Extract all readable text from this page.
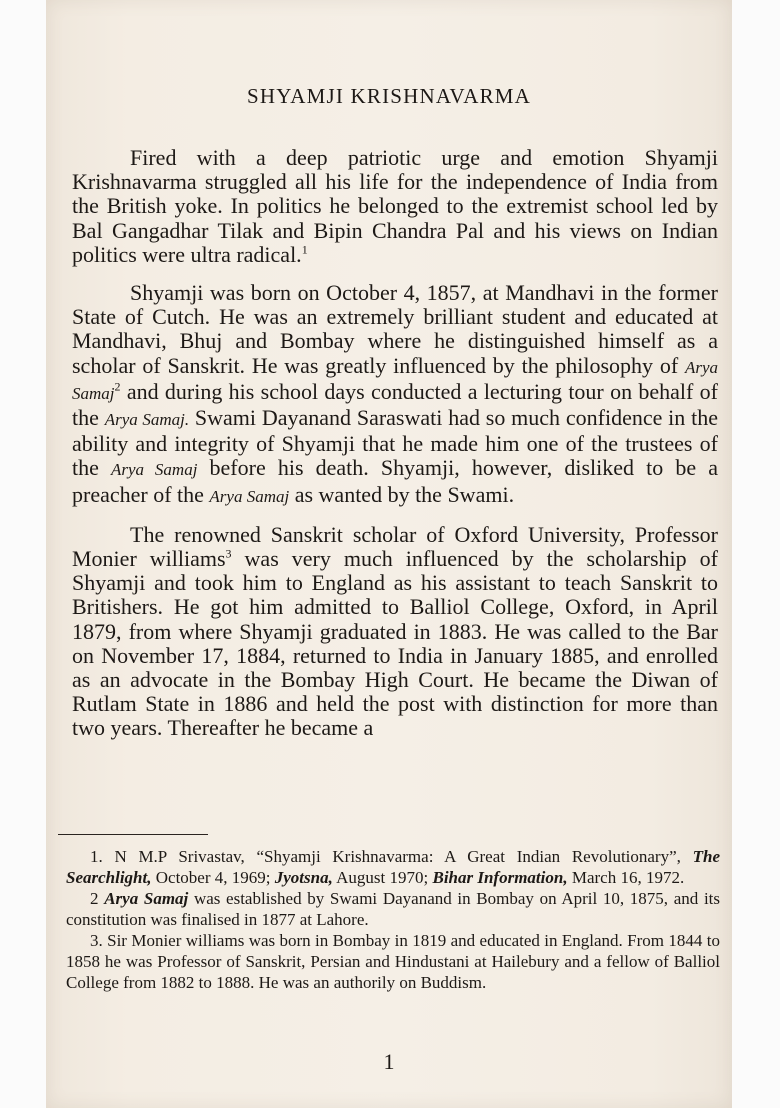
SHYAMJI KRISHNAVARMA

Fired with a deep patriotic urge and emotion Shyamji Krishnavarma struggled all his life for the independence of India from the British yoke. In politics he belonged to the extremist school led by Bal Gangadhar Tilak and Bipin Chandra Pal and his views on Indian politics were ultra radical.$^1$

Shyamji was born on October 4, 1857, at Mandhavi in the former State of Cutch. He was an extremely brilliant student and educated at Mandhavi, Bhuj and Bombay where he distinguished himself as a scholar of Sanskrit. He was greatly influenced by the philosophy of Arya Samaj$^2$ and during his school days conducted a lecturing tour on behalf of the Arya Samaj. Swami Dayanand Saraswati had so much confidence in the ability and integrity of Shyamji that he made him one of the trustees of the Arya Samaj before his death. Shyamji, however, disliked to be a preacher of the Arya Samaj as wanted by the Swami.

The renowned Sanskrit scholar of Oxford University, Professor Monier williams$^3$ was very much influenced by the scholarship of Shyamji and took him to England as his assistant to teach Sanskrit to Britishers. He got him admitted to Balliol College, Oxford, in April 1879, from where Shyamji graduated in 1883. He was called to the Bar on November 17, 1884, returned to India in January 1885, and enrolled as an advocate in the Bombay High Court. He became the Diwan of Rutlam State in 1886 and held the post with distinction for more than two years. Thereafter he became a

1. N M.P Srivastav, “Shyamji Krishnavarma: A Great Indian Revolutionary”, The Searchlight, October 4, 1969; Jyotsna, August 1970; Bihar Information, March 16, 1972.

2 Arya Samaj was established by Swami Dayanand in Bombay on April 10, 1875, and its constitution was finalised in 1877 at Lahore.

3. Sir Monier williams was born in Bombay in 1819 and educated in England. From 1844 to 1858 he was Professor of Sanskrit, Persian and Hindustani at Hailebury and a fellow of Balliol College from 1882 to 1888. He was an authorily on Buddism.

1
